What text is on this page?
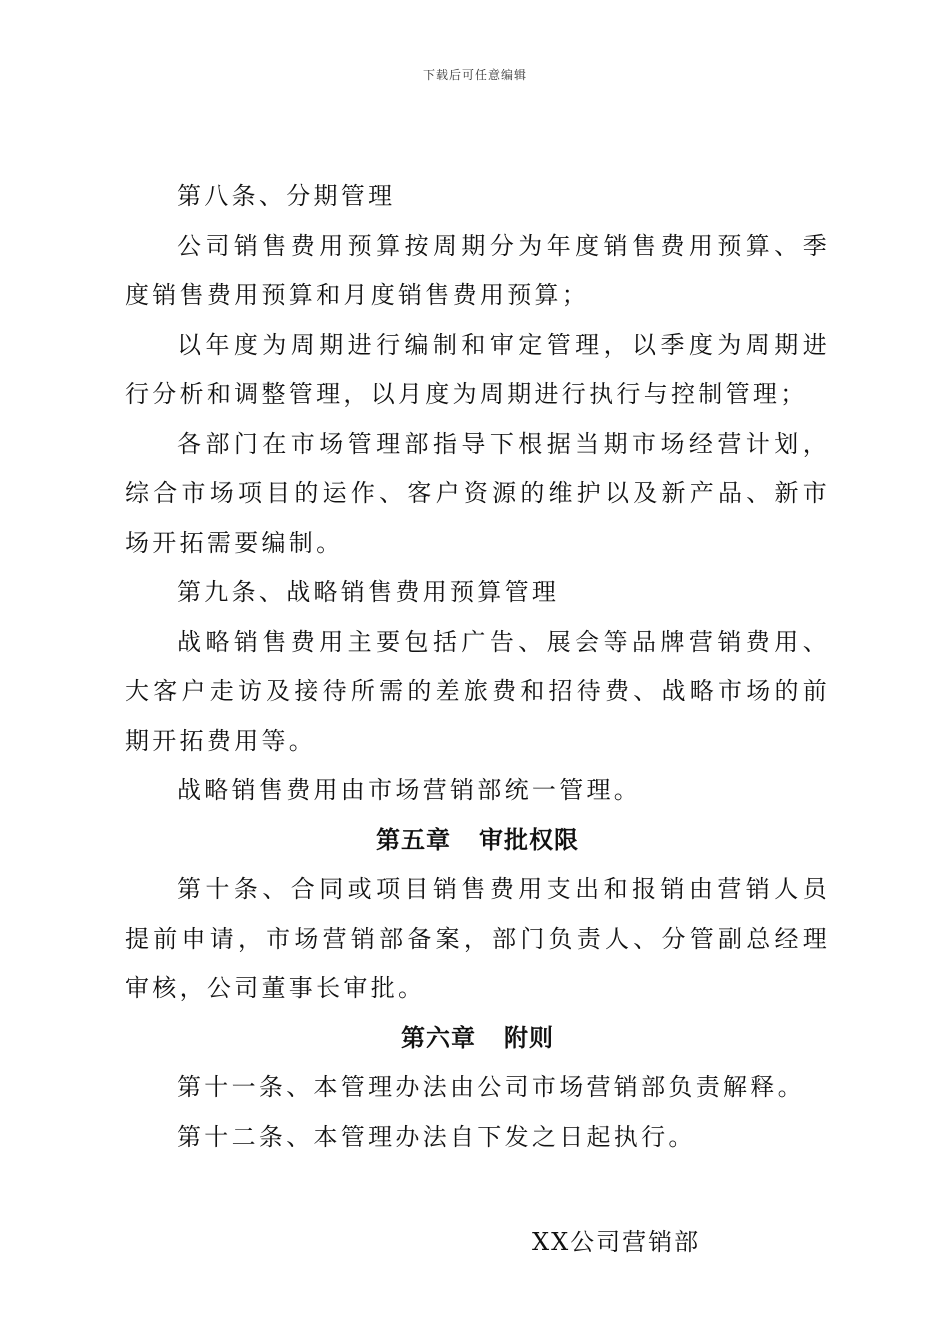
下载后可任意编辑

第八条、分期管理

公司销售费用预算按周期分为年度销售费用预算、季度销售费用预算和月度销售费用预算；

以年度为周期进行编制和审定管理，以季度为周期进行分析和调整管理，以月度为周期进行执行与控制管理；

各部门在市场管理部指导下根据当期市场经营计划，综合市场项目的运作、客户资源的维护以及新产品、新市场开拓需要编制。

第九条、战略销售费用预算管理

战略销售费用主要包括广告、展会等品牌营销费用、大客户走访及接待所需的差旅费和招待费、战略市场的前期开拓费用等。

战略销售费用由市场营销部统一管理。

第五章 审批权限

第十条、合同或项目销售费用支出和报销由营销人员提前申请，市场营销部备案，部门负责人、分管副总经理审核，公司董事长审批。

第六章 附则

第十一条、本管理办法由公司市场营销部负责解释。

第十二条、本管理办法自下发之日起执行。

XX公司营销部
